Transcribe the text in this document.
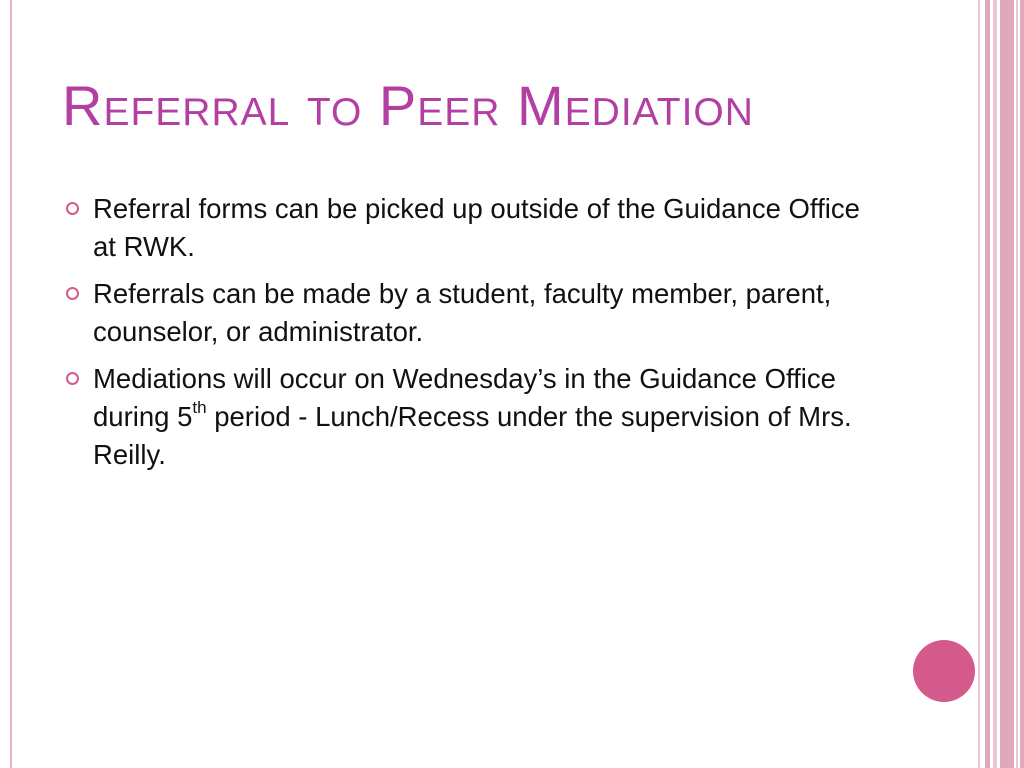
Referral to Peer Mediation
Referral forms can be picked up outside of the Guidance Office at RWK.
Referrals can be made by a student, faculty member, parent, counselor, or administrator.
Mediations will occur on Wednesday’s in the Guidance Office during 5th period - Lunch/Recess under the supervision of Mrs. Reilly.
